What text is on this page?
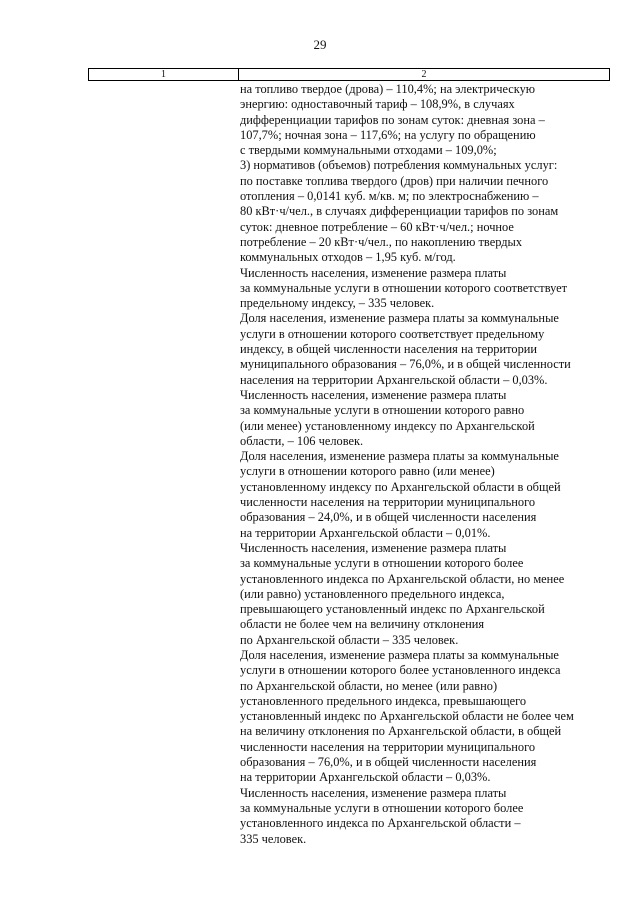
29
1	2
на топливо твердое (дрова) – 110,4%; на электрическую
энергию: одноставочный тариф – 108,9%, в случаях
дифференциации тарифов по зонам суток: дневная зона –
107,7%; ночная зона – 117,6%; на услугу по обращению
с твердыми коммунальными отходами – 109,0%;
3) нормативов (объемов) потребления коммунальных услуг:
по поставке топлива твердого (дров) при наличии печного
отопления – 0,0141 куб. м/кв. м; по электроснабжению –
80 кВт·ч/чел., в случаях дифференциации тарифов по зонам
суток: дневное потребление – 60 кВт·ч/чел.; ночное
потребление – 20 кВт·ч/чел., по накоплению твердых
коммунальных отходов – 1,95 куб. м/год.
Численность населения, изменение размера платы
за коммунальные услуги в отношении которого соответствует
предельному индексу, – 335 человек.
Доля населения, изменение размера платы за коммунальные
услуги в отношении которого соответствует предельному
индексу, в общей численности населения на территории
муниципального образования – 76,0%, и в общей численности
населения на территории Архангельской области – 0,03%.
Численность населения, изменение размера платы
за коммунальные услуги в отношении которого равно
(или менее) установленному индексу по Архангельской
области, – 106 человек.
Доля населения, изменение размера платы за коммунальные
услуги в отношении которого равно (или менее)
установленному индексу по Архангельской области в общей
численности населения на территории муниципального
образования – 24,0%, и в общей численности населения
на территории Архангельской области – 0,01%.
Численность населения, изменение размера платы
за коммунальные услуги в отношении которого более
установленного индекса по Архангельской области, но менее
(или равно) установленного предельного индекса,
превышающего установленный индекс по Архангельской
области не более чем на величину отклонения
по Архангельской области – 335 человек.
Доля населения, изменение размера платы за коммунальные
услуги в отношении которого более установленного индекса
по Архангельской области, но менее (или равно)
установленного предельного индекса, превышающего
установленный индекс по Архангельской области не более чем
на величину отклонения по Архангельской области, в общей
численности населения на территории муниципального
образования – 76,0%, и в общей численности населения
на территории Архангельской области – 0,03%.
Численность населения, изменение размера платы
за коммунальные услуги в отношении которого более
установленного индекса по Архангельской области –
335 человек.
